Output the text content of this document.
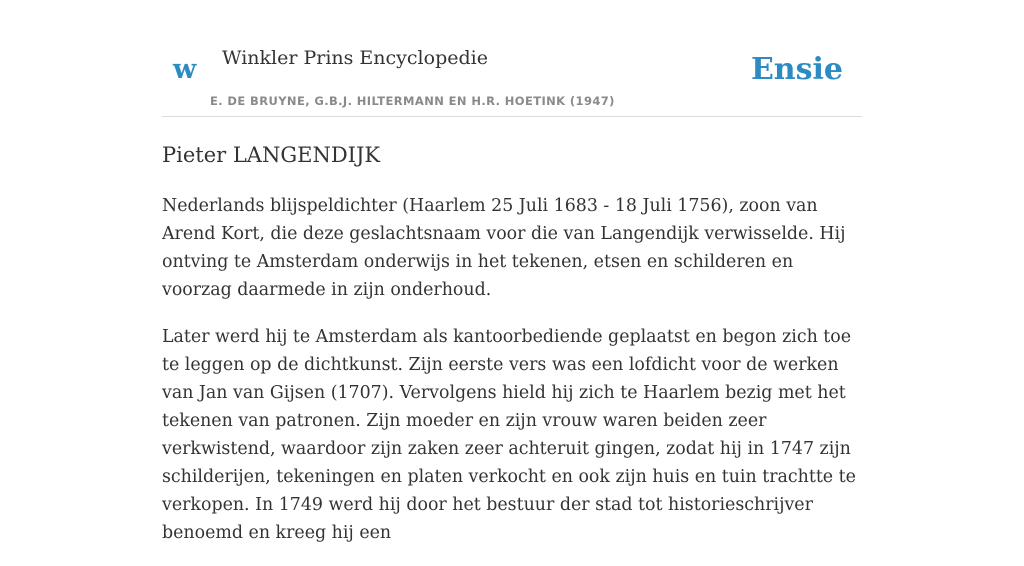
w Winkler Prins Encyclopedie
E. DE BRUYNE, G.B.J. HILTERMANN EN H.R. HOETINK (1947)
Ensie
Pieter LANGENDIJK

Nederlands blijspeldichter (Haarlem 25 Juli 1683 - 18 Juli 1756), zoon van Arend Kort, die deze geslachtsnaam voor die van Langendijk verwisselde. Hij ontving te Amsterdam onderwijs in het tekenen, etsen en schilderen en voorzag daarmede in zijn onderhoud.

Later werd hij te Amsterdam als kantoorbediende geplaatst en begon zich toe te leggen op de dichtkunst. Zijn eerste vers was een lofdicht voor de werken van Jan van Gijsen (1707). Vervolgens hield hij zich te Haarlem bezig met het tekenen van patronen. Zijn moeder en zijn vrouw waren beiden zeer verkwistend, waardoor zijn zaken zeer achteruit gingen, zodat hij in 1747 zijn schilderijen, tekeningen en platen verkocht en ook zijn huis en tuin trachtte te verkopen. In 1749 werd hij door het bestuur der stad tot historieschrijver benoemd en kreeg hij een
